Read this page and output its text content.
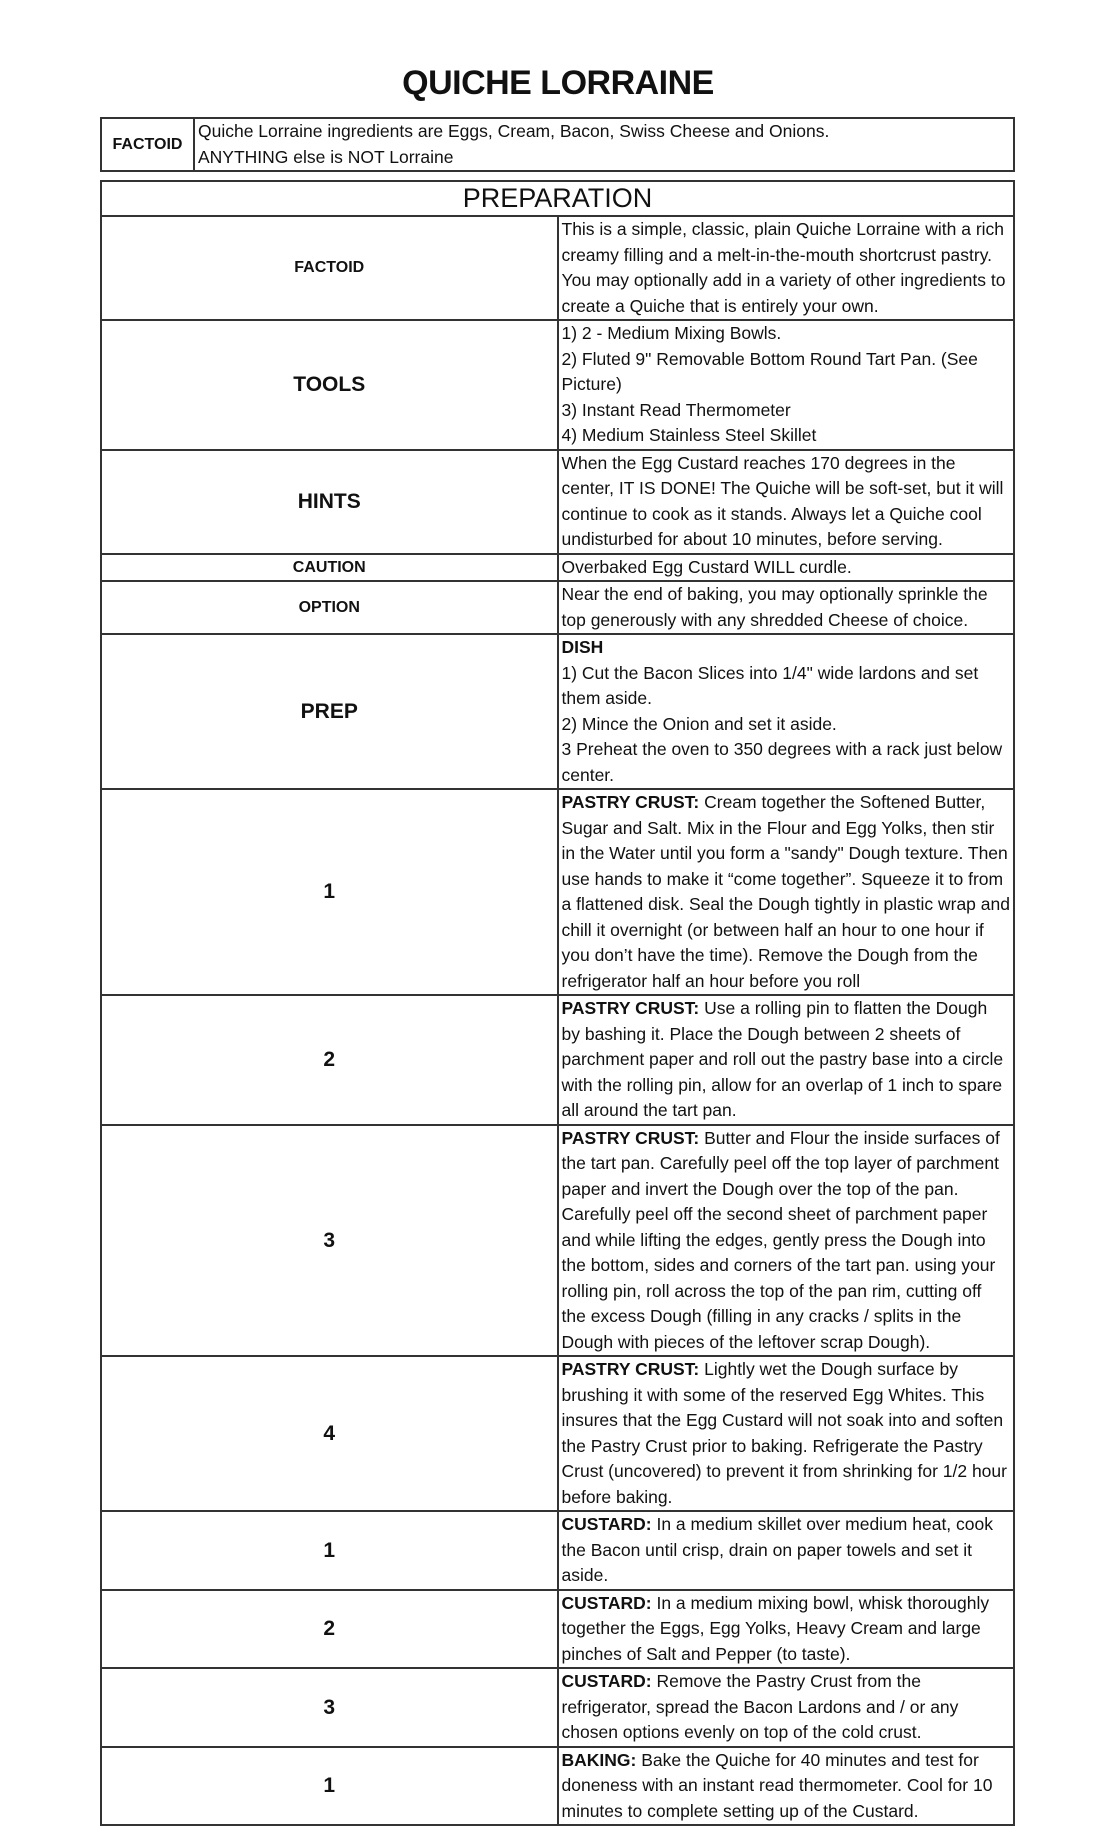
QUICHE LORRAINE
FACTOID	
Quiche Lorraine ingredients are Eggs, Cream, Bacon, Swiss Cheese and Onions.
ANYTHING else is NOT Lorraine
PREPARATION	
FACTOID	This is a simple, classic, plain Quiche Lorraine with a rich creamy filling and a melt-in-the-mouth shortcrust pastry. You may optionally add in a variety of other ingredients to create a Quiche that is entirely your own.
TOOLS	1) 2 - Medium Mixing Bowls.
2) Fluted 9" Removable Bottom Round Tart Pan. (See Picture)
3) Instant Read Thermometer
4) Medium Stainless Steel Skillet

HINTS	When the Egg Custard reaches 170 degrees in the center, IT IS DONE! The Quiche will be soft-set, but it will continue to cook as it stands. Always let a Quiche cool undisturbed for about 10 minutes, before serving.
CAUTION	Overbaked Egg Custard WILL curdle.
OPTION	Near the end of baking, you may optionally sprinkle the top generously with any shredded Cheese of choice.
PREP	DISH
1) Cut the Bacon Slices into 1/4" wide lardons and set them aside.
2) Mince the Onion and set it aside.
3 Preheat the oven to 350 degrees with a rack just below center.

1	PASTRY CRUST: Cream together the Softened Butter, Sugar and Salt. Mix in the Flour and Egg Yolks, then stir in the Water until you form a "sandy" Dough texture. Then use hands to make it “come together”. Squeeze it to from a flattened disk. Seal the Dough tightly in plastic wrap and chill it overnight (or between half an hour to one hour if you don’t have the time). Remove the Dough from the refrigerator half an hour before you roll
2	PASTRY CRUST: Use a rolling pin to flatten the Dough by bashing it. Place the Dough between 2 sheets of parchment paper and roll out the pastry base into a circle with the rolling pin, allow for an overlap of 1 inch to spare all around the tart pan.
3	PASTRY CRUST: Butter and Flour the inside surfaces of the tart pan. Carefully peel off the top layer of parchment paper and invert the Dough over the top of the pan. Carefully peel off the second sheet of parchment paper and while lifting the edges, gently press the Dough into the bottom, sides and corners of the tart pan. using your rolling pin, roll across the top of the pan rim, cutting off the excess Dough (filling in any cracks / splits in the Dough with pieces of the leftover scrap Dough).
4	PASTRY CRUST: Lightly wet the Dough surface by brushing it with some of the reserved Egg Whites. This insures that the Egg Custard will not soak into and soften the Pastry Crust prior to baking. Refrigerate the Pastry Crust (uncovered) to prevent it from shrinking for 1/2 hour before baking.
1	CUSTARD: In a medium skillet over medium heat, cook the Bacon until crisp, drain on paper towels and set it aside.
2	CUSTARD: In a medium mixing bowl, whisk thoroughly together the Eggs, Egg Yolks, Heavy Cream and large pinches of Salt and Pepper (to taste).
3	CUSTARD: Remove the Pastry Crust from the refrigerator, spread the Bacon Lardons and / or any chosen options evenly on top of the cold crust.
1	BAKING: Bake the Quiche for 40 minutes and test for doneness with an instant read thermometer. Cool for 10 minutes to complete setting up of the Custard.
